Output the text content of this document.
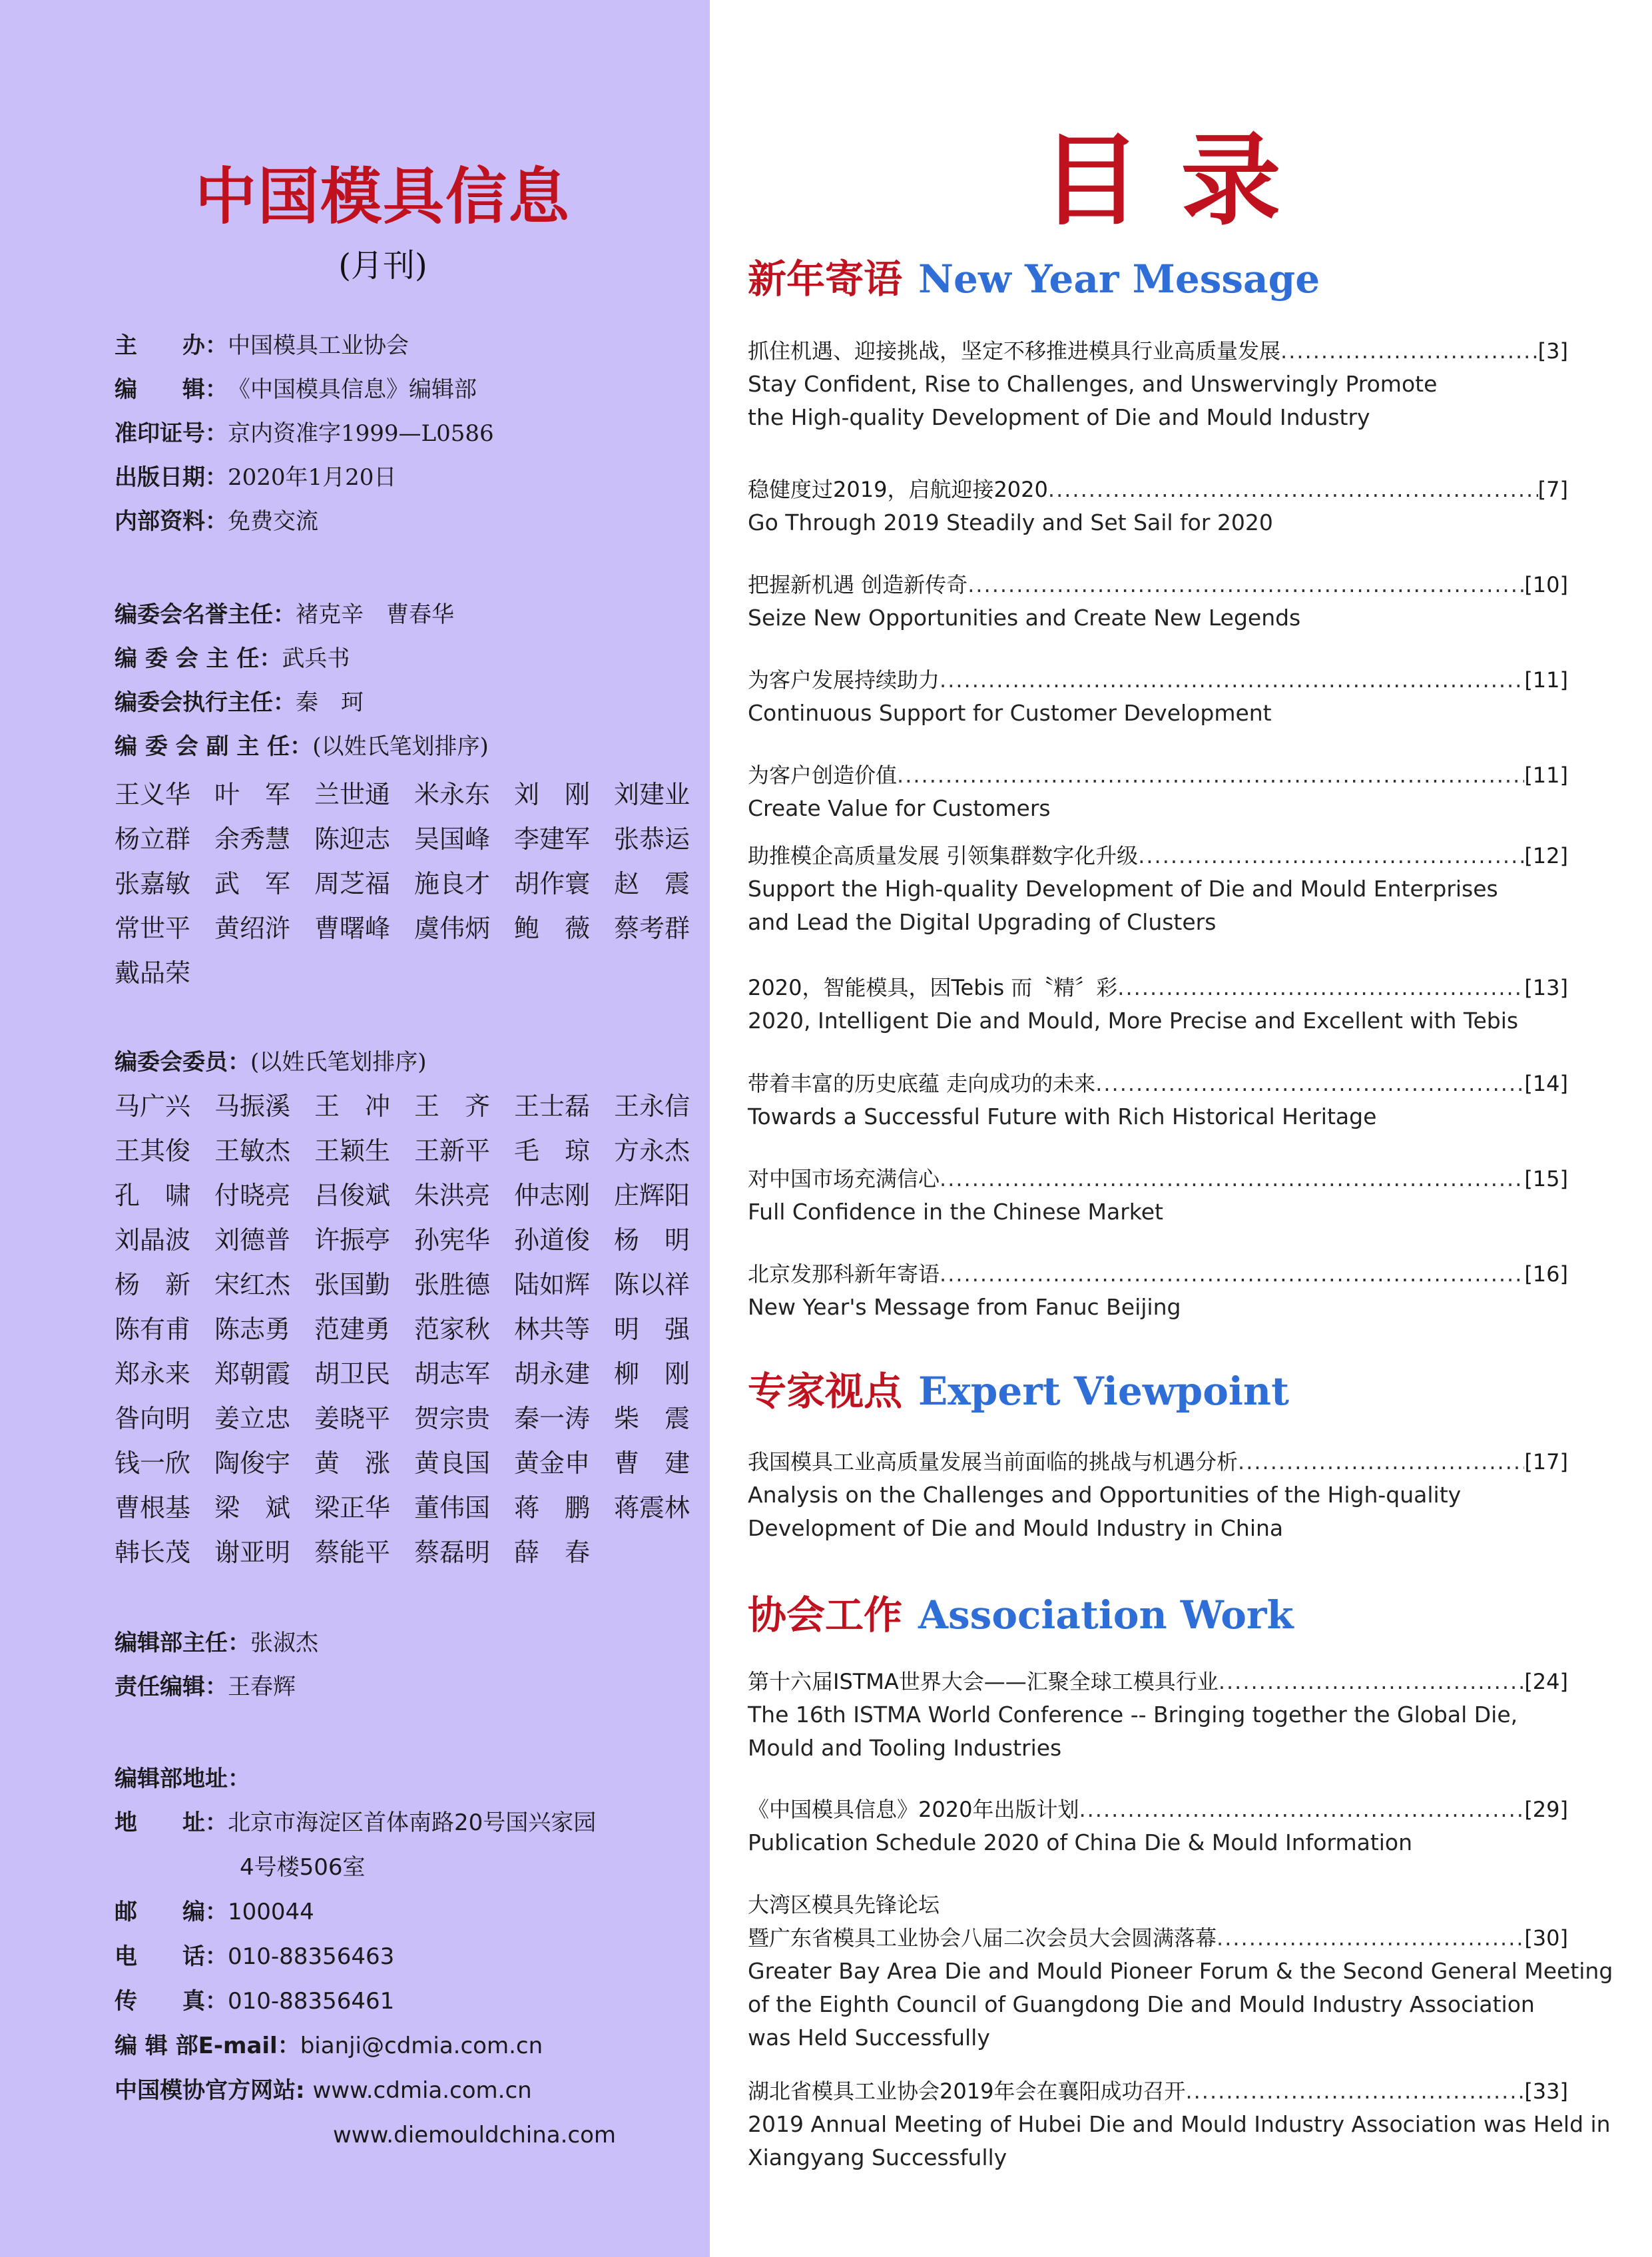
中国模具信息
(月刊)
主　　办：中国模具工业协会
编　　辑：《中国模具信息》编辑部
准印证号：京内资准字1999—L0586
出版日期：2020年1月20日
内部资料：免费交流
编委会名誉主任：褚克辛　曹春华
编 委 会 主 任：武兵书
编委会执行主任：秦　珂
编 委 会 副 主 任：(以姓氏笔划排序)
王义华 叶　军 兰世通 米永东 刘　刚 刘建业
杨立群 余秀慧 陈迎志 吴国峰 李建军 张恭运
张嘉敏 武　军 周芝福 施良才 胡作寰 赵　震
常世平 黄绍浒 曹曙峰 虞伟炳 鲍　薇 蔡考群
戴品荣
编委会委员：(以姓氏笔划排序)
马广兴 马振溪 王　冲 王　齐 王士磊 王永信
王其俊 王敏杰 王颖生 王新平 毛　琼 方永杰
孔　啸 付晓亮 吕俊斌 朱洪亮 仲志刚 庄辉阳
刘晶波 刘德普 许振亭 孙宪华 孙道俊 杨　明
杨　新 宋红杰 张国勤 张胜德 陆如辉 陈以祥
陈有甫 陈志勇 范建勇 范家秋 林共等 明　强
郑永来 郑朝霞 胡卫民 胡志军 胡永建 柳　刚
昝向明 姜立忠 姜晓平 贺宗贵 秦一涛 柴　震
钱一欣 陶俊宇 黄　涨 黄良国 黄金申 曹　建
曹根基 梁　斌 梁正华 董伟国 蒋　鹏 蒋震林
韩长茂 谢亚明 蔡能平 蔡磊明 薛　春
编辑部主任：张淑杰
责任编辑：王春辉
编辑部地址：
地　　址：北京市海淀区首体南路20号国兴家园
4号楼506室
邮　　编：100044
电　　话：010-88356463
传　　真：010-88356461
编 辑 部E-mail：bianji@cdmia.com.cn
中国模协官方网站: www.cdmia.com.cn
www.diemouldchina.com
目录
新年寄语 New Year Message
抓住机遇、迎接挑战，坚定不移推进模具行业高质量发展 .....	[3]
Stay Confident, Rise to Challenges, and Unswervingly Promote
the High-quality Development of Die and Mould Industry
稳健度过2019，启航迎接2020 .....	[7]
Go Through 2019 Steadily and Set Sail for 2020
把握新机遇 创造新传奇 .....	[10]
Seize New Opportunities and Create New Legends
为客户发展持续助力 .....	[11]
Continuous Support for Customer Development
为客户创造价值 .....	[11]
Create Value for Customers
助推模企高质量发展 引领集群数字化升级 .....	[12]
Support the High-quality Development of Die and Mould Enterprises
and Lead the Digital Upgrading of Clusters
2020，智能模具，因Tebis 而〝精〞彩 .....	[13]
2020, Intelligent Die and Mould, More Precise and Excellent with Tebis
带着丰富的历史底蕴 走向成功的未来 .....	[14]
Towards a Successful Future with Rich Historical Heritage
对中国市场充满信心 .....	[15]
Full Confidence in the Chinese Market
北京发那科新年寄语 .....	[16]
New Year's Message from Fanuc Beijing
专家视点 Expert Viewpoint
我国模具工业高质量发展当前面临的挑战与机遇分析 .....	[17]
Analysis on the Challenges and Opportunities of the High-quality
Development of Die and Mould Industry in China
协会工作 Association Work
第十六届ISTMA世界大会——汇聚全球工模具行业 .....	[24]
The 16th ISTMA World Conference -- Bringing together the Global Die,
Mould and Tooling Industries
《中国模具信息》2020年出版计划 .....	[29]
Publication Schedule 2020 of China Die & Mould Information
大湾区模具先锋论坛
暨广东省模具工业协会八届二次会员大会圆满落幕 .....	[30]
Greater Bay Area Die and Mould Pioneer Forum & the Second General Meeting
of the Eighth Council of Guangdong Die and Mould Industry Association
was Held Successfully
湖北省模具工业协会2019年会在襄阳成功召开 .....	[33]
2019 Annual Meeting of Hubei Die and Mould Industry Association was Held in
Xiangyang Successfully
